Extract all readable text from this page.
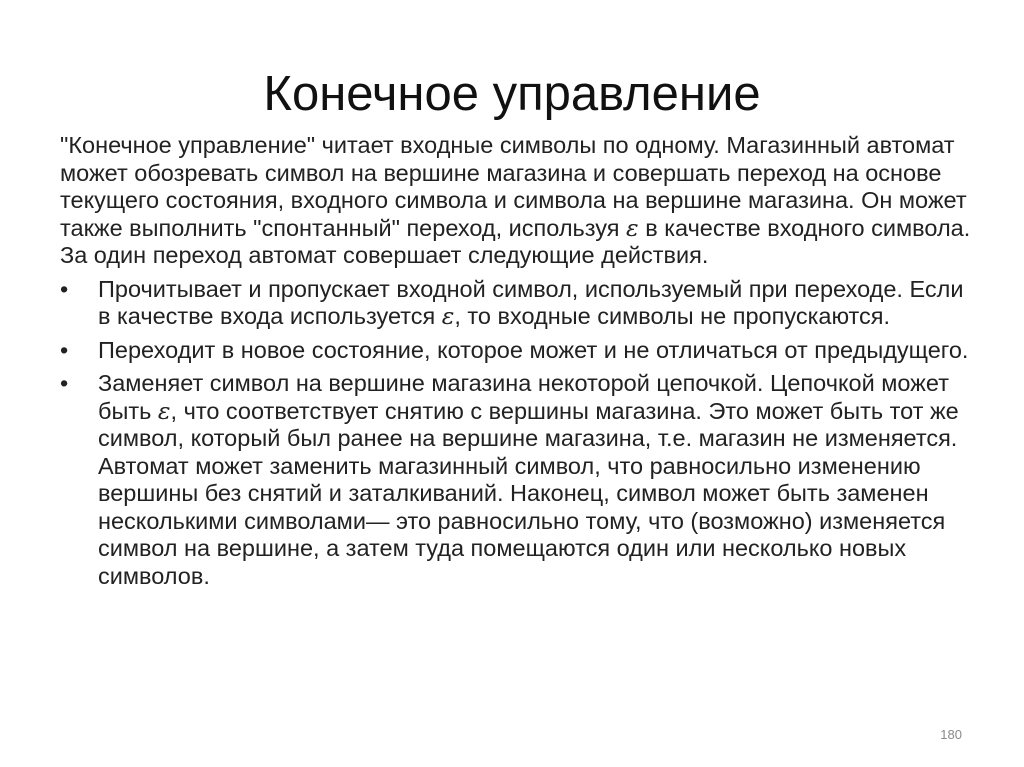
Конечное управление

"Конечное управление" читает входные символы по одному. Магазинный автомат может обозревать символ на вершине магазина и совершать переход на основе текущего состояния, входного символа и символа на вершине магазина. Он может также выполнить "спонтанный" переход, используя ε в качестве входного символа. За один переход автомат совершает следующие действия.

•	Прочитывает и пропускает входной символ, используемый при переходе. Если в качестве входа используется ε, то входные символы не пропускаются.
•	Переходит в новое состояние, которое может и не отличаться от предыдущего.
•	Заменяет символ на вершине магазина некоторой цепочкой. Цепочкой может быть ε, что соответствует снятию с вершины магазина. Это может быть тот же символ, который был ранее на вершине магазина, т.е. магазин не изменяется. Автомат может заменить магазинный символ, что равносильно изменению вершины без снятий и заталкиваний. Наконец, символ может быть заменен несколькими символами— это равносильно тому, что (возможно) изменяется символ на вершине, а затем туда помещаются один или несколько новых символов.
180
